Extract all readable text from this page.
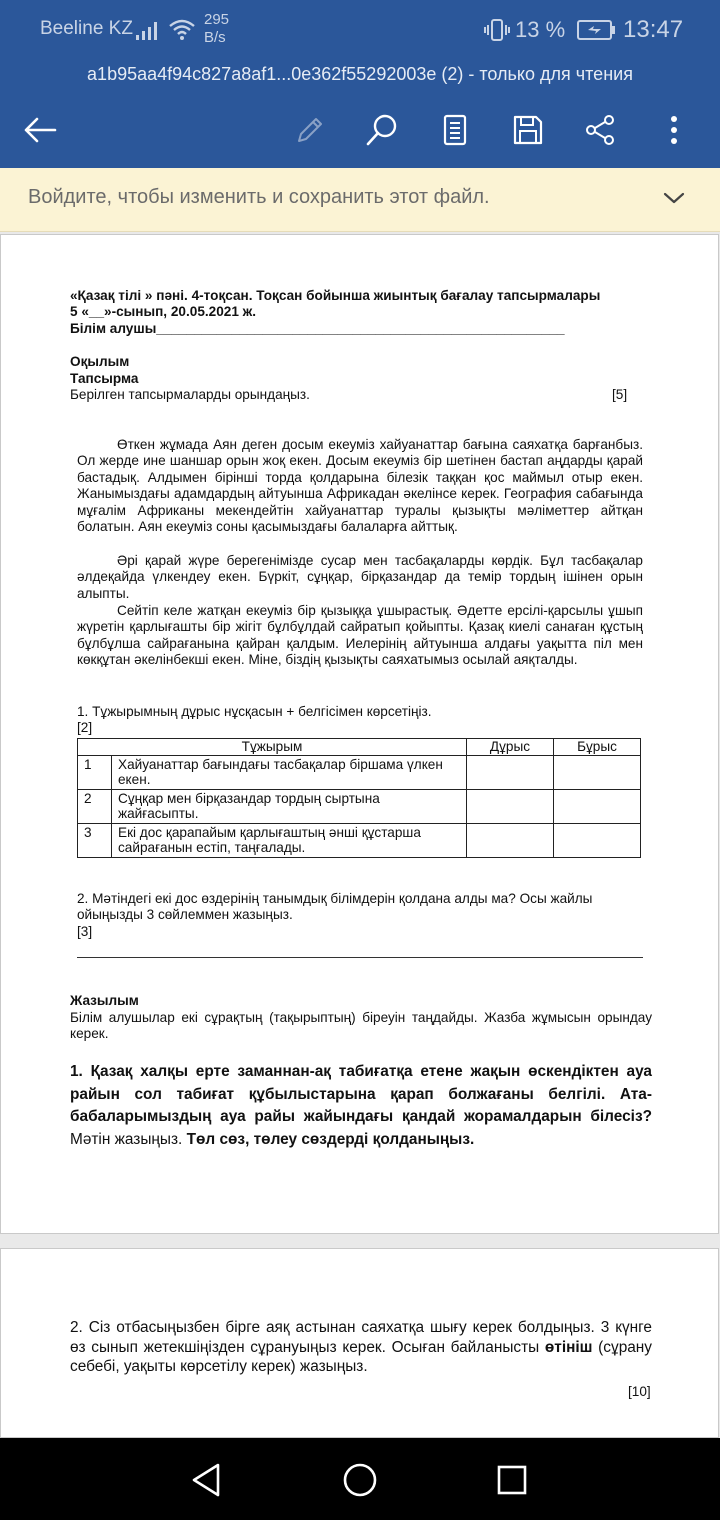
Beeline KZ	295
B/s	13 % 13:47
a1b95aa4f94c827a8af1...0e362f55292003e (2) - только для чтения
Войдите, чтобы изменить и сохранить этот файл.
«Қазақ тілі » пәні. 4-тоқсан. Тоқсан бойынша жиынтық бағалау тапсырмалары
5 «__»-сынып, 20.05.2021 ж.
Білім алушы______________________________________________________
Оқылым
Тапсырма
Берілген тапсырмаларды орындаңыз.	[5]
Өткен жұмада Аян деген досым екеуміз хайуанаттар бағына саяхатқа барғанбыз. Ол жерде ине шаншар орын жоқ екен. Досым екеуміз бір шетінен бастап аңдарды қарай бастадық. Алдымен бірінші торда қолдарына білезік таққан қос маймыл отыр екен. Жанымыздағы адамдардың айтуынша Африкадан әкелінсе керек. География сабағында мұғалім Африканы мекендейтін хайуанаттар туралы қызықты мәліметтер айтқан болатын. Аян екеуміз соны қасымыздағы балаларға айттық.
Әрі қарай жүре берегенімізде сусар мен тасбақаларды көрдік. Бұл тасбақалар әлдеқайда үлкендеу екен. Бүркіт, сұңқар, бірқазандар да темір тордың ішінен орын алыпты.
Сейтіп келе жатқан екеуміз бір қызыққа ұшырастық. Әдетте ерсілі-қарсылы ұшып жүретін қарлығашты бір жігіт бұлбұлдай сайратып қойыпты. Қазақ киелі санаған құстың бұлбұлша сайрағанына қайран қалдым. Иелерінің айтуынша алдағы уақытта піл мен көкқұтан әкелінбекші екен. Міне, біздің қызықты саяхатымыз осылай аяқталды.
1. Тұжырымның дұрыс нұсқасын + белгісімен көрсетіңіз.
[2]
Тұжырым		Дұрыс	Бұрыс
1	Хайуанаттар бағындағы тасбақалар біршама үлкен екен.		
2	Сұңқар мен бірқазандар тордың сыртына жайғасыпты.		
3	Екі дос қарапайым қарлығаштың әнші құстарша сайрағанын естіп, таңғалады.		
2. Мәтіндегі екі дос өздерінің танымдық білімдерін қолдана алды ма? Осы жайлы ойыңызды 3 сөйлеммен жазыңыз.
[3]
Жазылым
Білім алушылар екі сұрақтың (тақырыптың) біреуін таңдайды. Жазба жұмысын орындау керек.
1. Қазақ халқы ерте заманнан-ақ табиғатқа етене жақын өскендіктен ауа райын сол табиғат құбылыстарына қарап болжағаны белгілі. Ата-бабаларымыздың ауа райы жайындағы қандай жорамалдарын білесіз? Мәтін жазыңыз. Төл сөз, төлеу сөздерді қолданыңыз.
2. Сіз отбасыңызбен бірге аяқ астынан саяхатқа шығу керек болдыңыз. 3 күнге өз сынып жетекшіңізден сұрануыңыз керек. Осыған байланысты өтініш (сұрану себебі, уақыты көрсетілу керек) жазыңыз.
[10]
